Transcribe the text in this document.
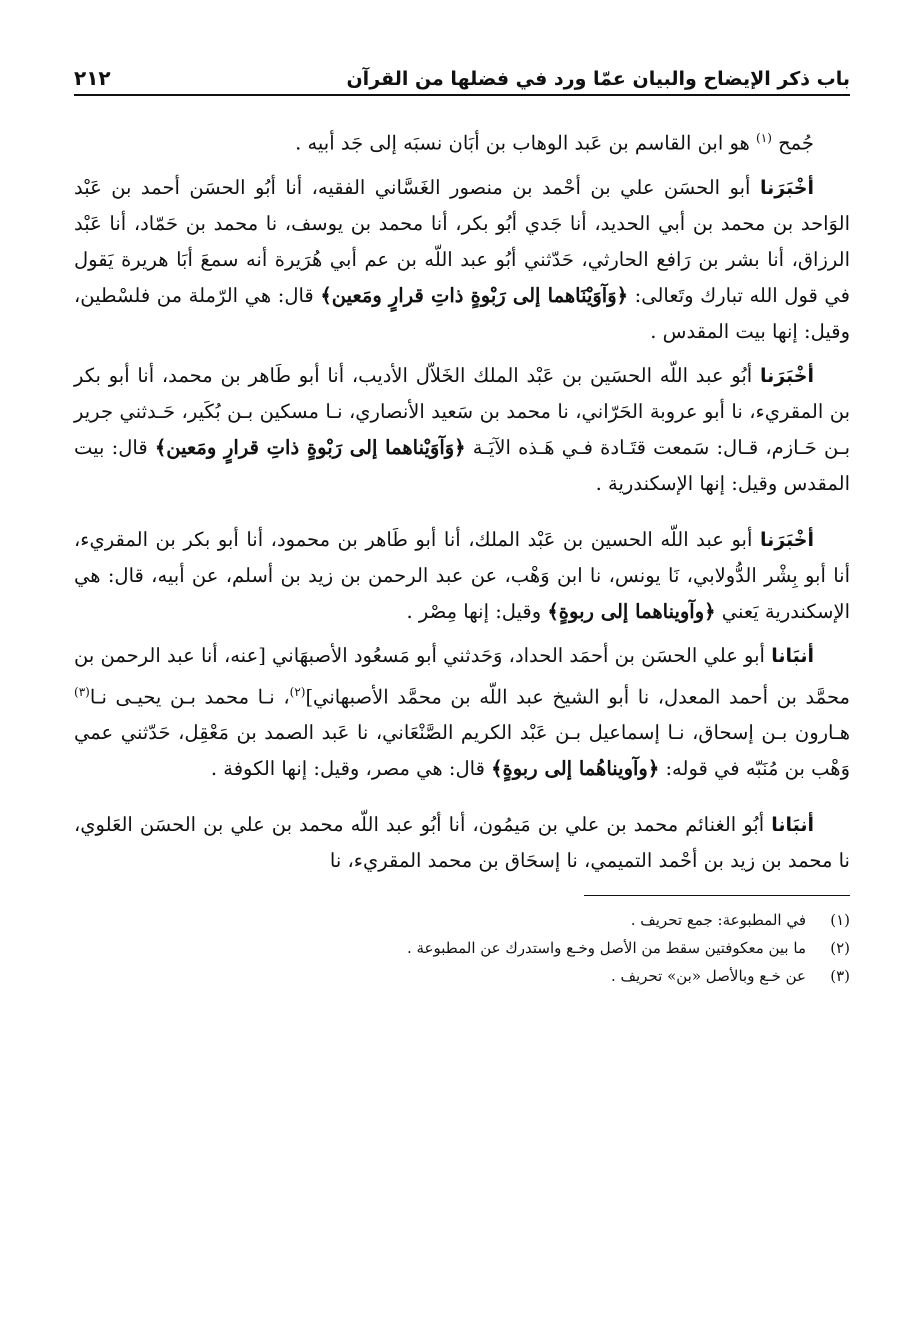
باب ذكر الإيضاح والبيان عمّا ورد في فضلها من القرآن
٢١٢

جُمح $^{(١)}$ هو ابن القاسم بن عَبد الوهاب بن أبَان نسبَه إلى جَد أبيه .

أخْبَرَنا أبو الحسَن علي بن أحْمد بن منصور الغَسَّاني الفقيه، أنا أبُو الحسَن أحمد بن عَبْد الوَاحد بن محمد بن أبي الحديد، أنا جَدي أبُو بكر، أنا محمد بن يوسف، نا محمد بن حَمّاد، أنا عَبْد الرزاق، أنا بشر بن رَافع الحارثي، حَدّثني أبُو عبد اللّه بن عم أبي هُرَيرة أنه سمعَ أبَا هريرة يَقول في قول الله تبارك وتَعالى: ﴿وَآوَيْنَاهما إلى رَبْوةٍ ذاتِ قرارٍ ومَعين﴾ قال: هي الرّملة من فلسْطين، وقيل: إنها بيت المقدس .

أخْبَرَنا أبُو عبد اللّه الحسَين بن عَبْد الملك الخَلاّل الأديب، أنا أبو طَاهر بن محمد، أنا أبو بكر بن المقريء، نا أبو عروبة الحَرّاني، نا محمد بن سَعيد الأنصاري، نـا مسكين بـن بُكَير، حَـدثني جرير بـن حَـازم، قـال: سَمعت قتَـادة فـي هَـذه الآيَـة ﴿وَآوَيْناهما إلى رَبْوةٍ ذاتِ قرارٍ ومَعين﴾ قال: بيت المقدس وقيل: إنها الإسكندرية .

أخْبَرَنا أبو عبد اللّه الحسين بن عَبْد الملك، أنا أبو طَاهر بن محمود، أنا أبو بكر بن المقريء، أنا أبو بِشْر الدُّولابي، نَا يونس، نا ابن وَهْب، عن عبد الرحمن بن زيد بن أسلم، عن أبيه، قال: هي الإسكندرية يَعني ﴿وآويناهما إلى ربوةٍ﴾ وقيل: إنها مِصْر .

أنبَانا أبو علي الحسَن بن أحمَد الحداد، وَحَدثني أبو مَسعُود الأصبهَاني [عنه، أنا عبد الرحمن بن محمَّد بن أحمد المعدل، نا أبو الشيخ عبد اللّه بن محمَّد الأصبهاني]$^{(٢)}$، نـا محمد بـن يحيـى نـا$^{(٣)}$ هـارون بـن إسحاق، نـا إسماعيل بـن عَبْد الكريم الصَّنْعَاني، نا عَبد الصمد بن مَعْقِل، حَدّثني عمي وَهْب بن مُنَبّه في قوله: ﴿وآويناهُما إلى ربوةٍ﴾ قال: هي مصر، وقيل: إنها الكوفة .

أنبَانا أبُو الغنائم محمد بن علي بن مَيمُون، أنا أبُو عبد اللّه محمد بن علي بن الحسَن العَلوي، نا محمد بن زيد بن أحْمد التميمي، نا إسحَاق بن محمد المقريء، نا

(١)
في المطبوعة: جمع تحريف .
(٢)
ما بين معكوفتين سقط من الأصل وخـع واستدرك عن المطبوعة .
(٣)
عن خـع وبالأصل «بن» تحريف .
